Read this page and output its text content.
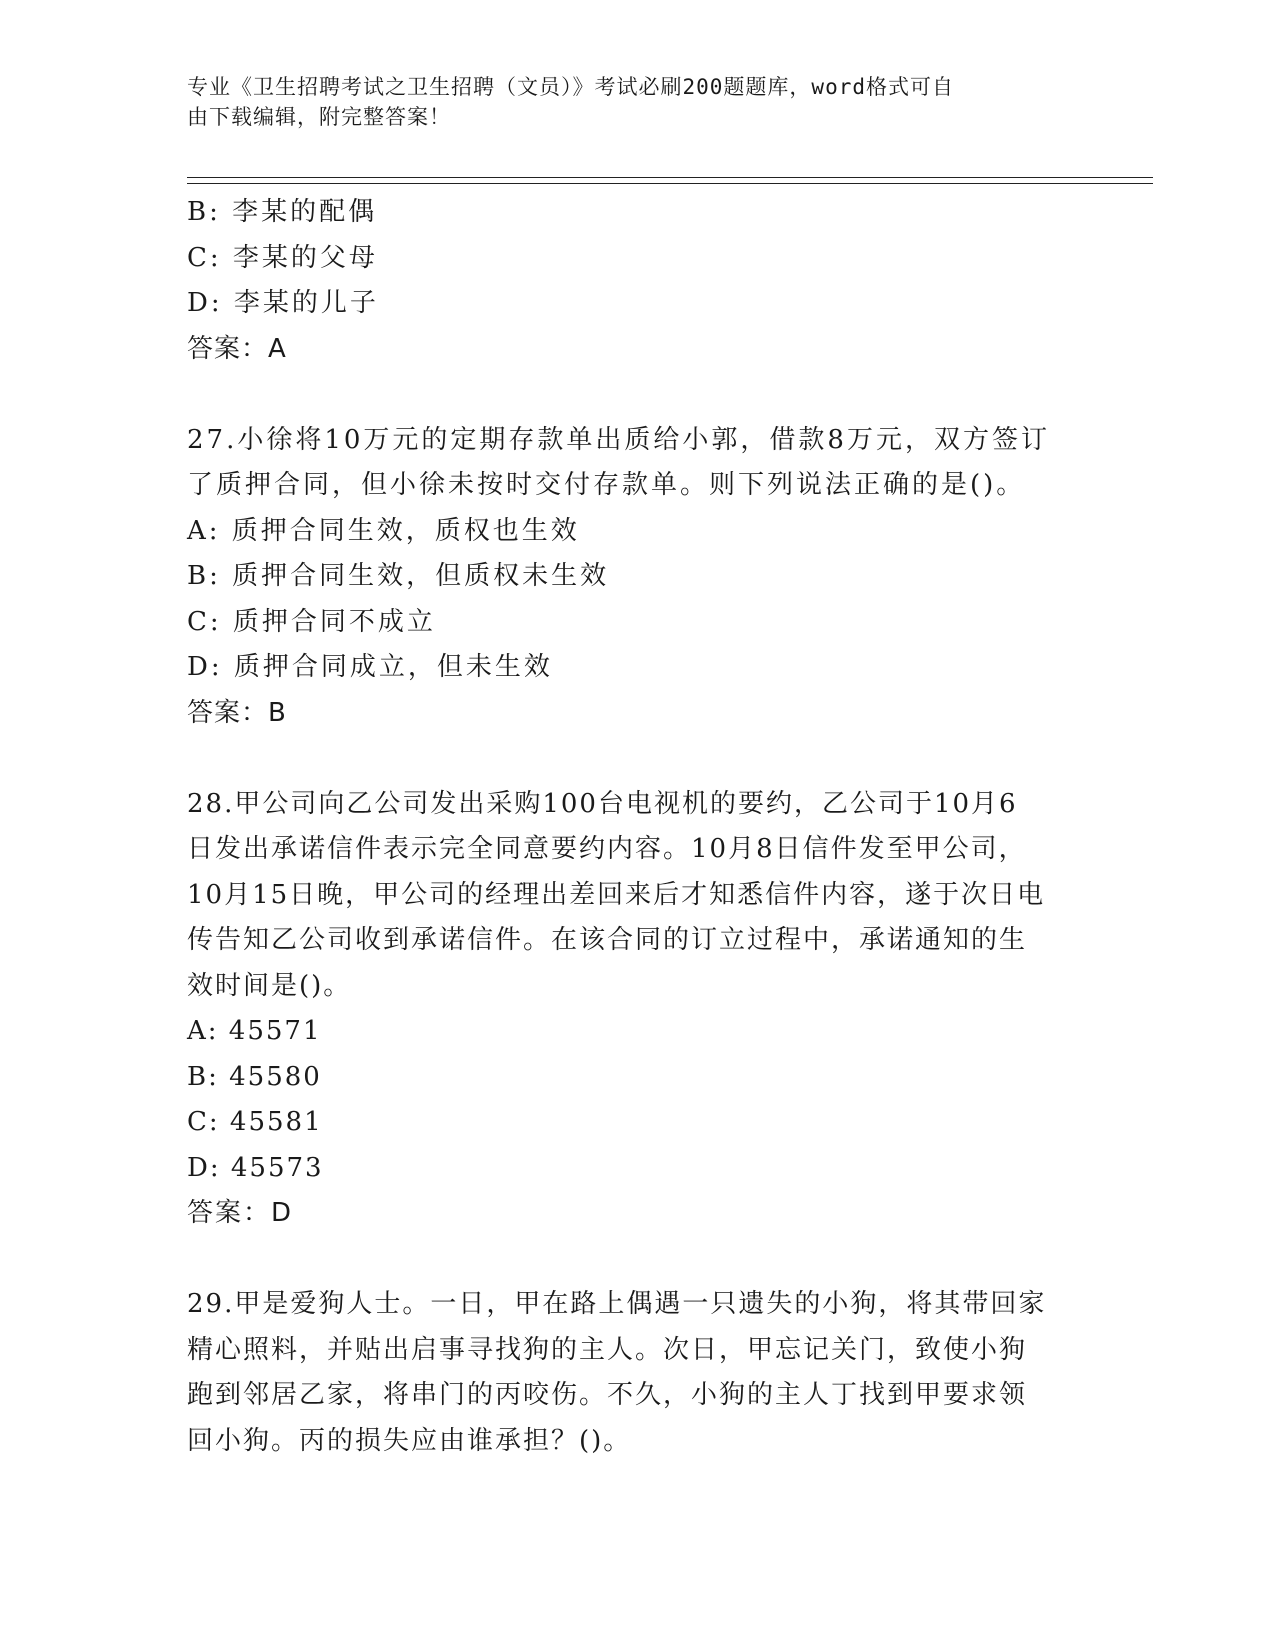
专业《卫生招聘考试之卫生招聘（文员）》考试必刷200题题库，word格式可自
由下载编辑，附完整答案！
B: 李某的配偶
C: 李某的父母
D: 李某的儿子
答案：A
27.小徐将10万元的定期存款单出质给小郭，借款8万元，双方签订
了质押合同，但小徐未按时交付存款单。则下列说法正确的是()。
A: 质押合同生效，质权也生效
B: 质押合同生效，但质权未生效
C: 质押合同不成立
D: 质押合同成立，但未生效
答案：B
28.甲公司向乙公司发出采购100台电视机的要约，乙公司于10月6
日发出承诺信件表示完全同意要约内容。10月8日信件发至甲公司，
10月15日晚，甲公司的经理出差回来后才知悉信件内容，遂于次日电
传告知乙公司收到承诺信件。在该合同的订立过程中，承诺通知的生
效时间是()。
A: 45571
B: 45580
C: 45581
D: 45573
答案：D
29.甲是爱狗人士。一日，甲在路上偶遇一只遗失的小狗，将其带回家
精心照料，并贴出启事寻找狗的主人。次日，甲忘记关门，致使小狗
跑到邻居乙家，将串门的丙咬伤。不久，小狗的主人丁找到甲要求领
回小狗。丙的损失应由谁承担？()。
